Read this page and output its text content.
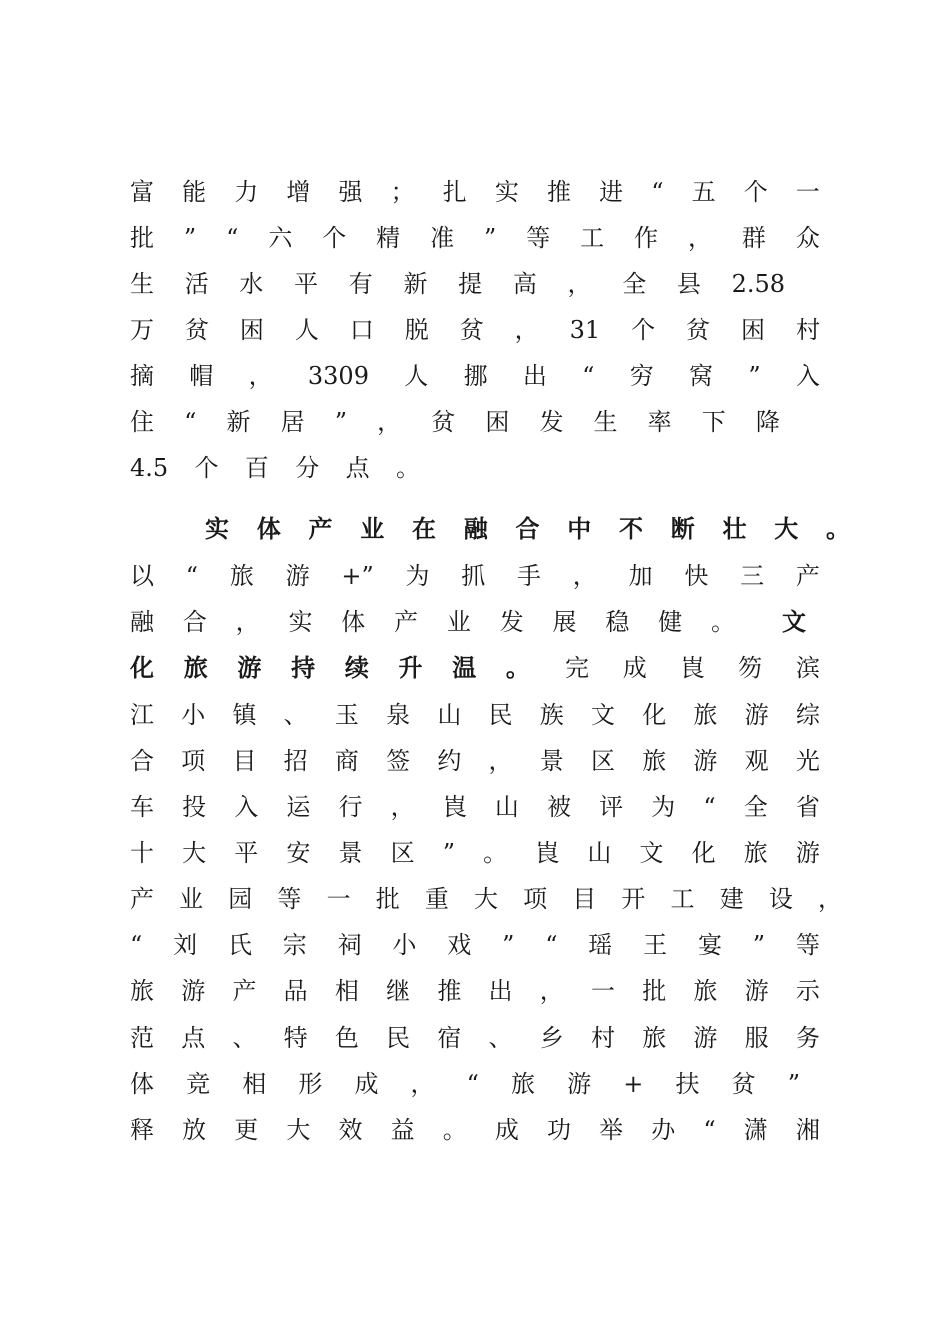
富 能 力 增 强 ； 扎 实 推 进 “ 五 个 一
批 ” “ 六 个 精 准 ” 等 工 作 ， 群 众
生 活 水 平 有 新 提 高 ， 全 县 2.58
万 贫 困 人 口 脱 贫 ， 31 个 贫 困 村
摘 帽 ， 3309 人 挪 出 “ 穷 窝 ” 入
住 “ 新 居 ” ， 贫 困 发 生 率 下 降
4.5 个 百 分 点 。
实 体 产 业 在 融 合 中 不 断 壮 大 。
以 “ 旅 游 +” 为 抓 手 ， 加 快 三 产
融 合 ， 实 体 产 业 发 展 稳 健 。 文
化 旅 游 持 续 升 温 。 完 成 崀 笏 滨
江 小 镇 、 玉 泉 山 民 族 文 化 旅 游 综
合 项 目 招 商 签 约 ， 景 区 旅 游 观 光
车 投 入 运 行 ， 崀 山 被 评 为 “ 全 省
十 大 平 安 景 区 ” 。 崀 山 文 化 旅 游
产 业 园 等 一 批 重 大 项 目 开 工 建 设 ，
“ 刘 氏 宗 祠 小 戏 ” “ 瑶 王 宴 ” 等
旅 游 产 品 相 继 推 出 ， 一 批 旅 游 示
范 点 、 特 色 民 宿 、 乡 村 旅 游 服 务
体 竞 相 形 成 ， “ 旅 游 + 扶 贫 ”
释 放 更 大 效 益 。 成 功 举 办 “ 潇 湘
